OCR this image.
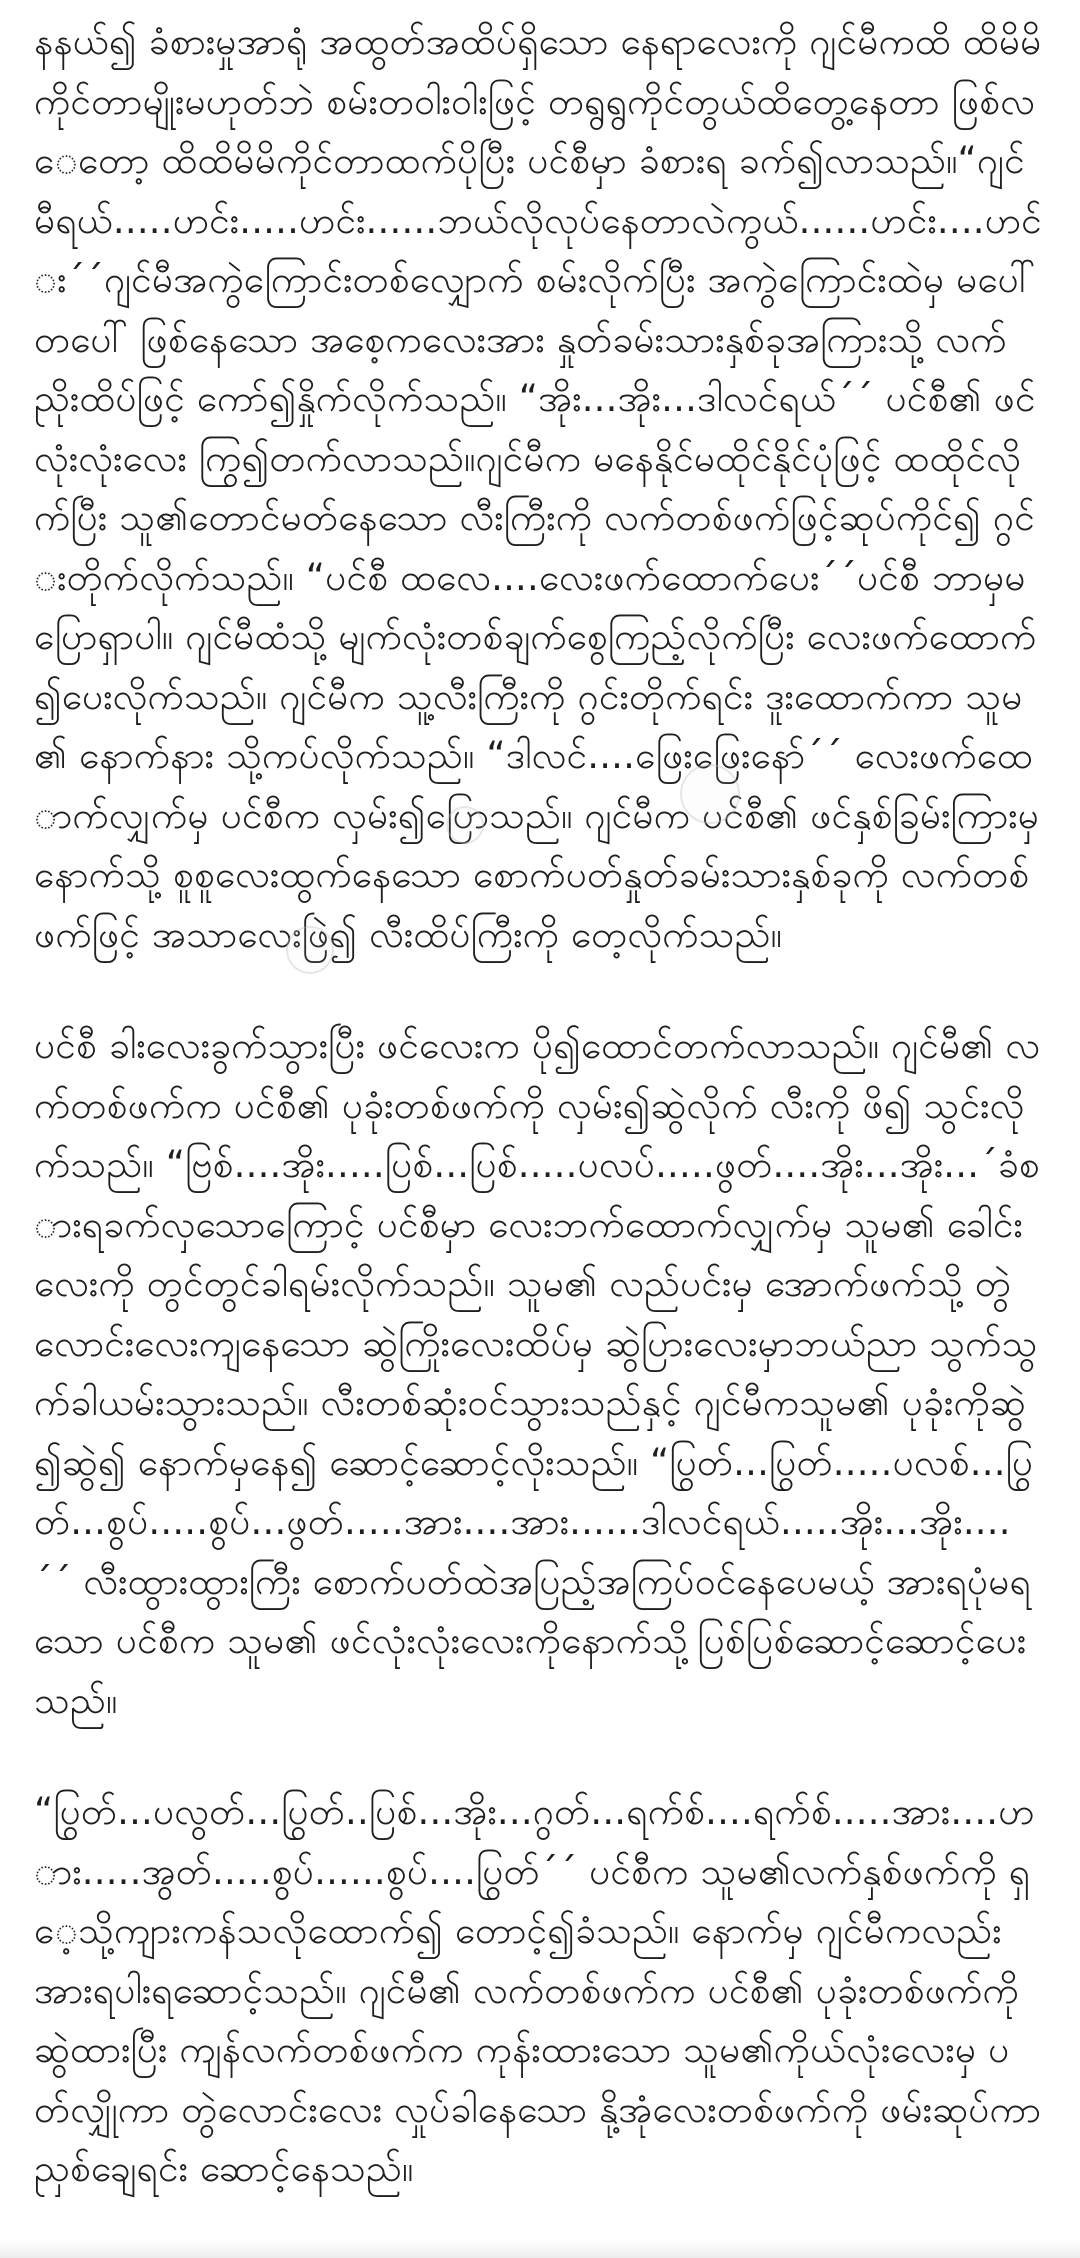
နနယ်၍ ခံစားမှုအာရုံ အထွတ်အထိပ်ရှိသော နေရာလေးကို ဂျင်မီကထိ ထိမိမိကိုင်တာမျိုးမဟုတ်ဘဲ စမ်းတဝါးဝါးဖြင့် တရွရွကိုင်တွယ်ထိတွေ့နေတာ ဖြစ်လေတော့ ထိထိမိမိကိုင်တာထက်ပိုပြီး ပင်စီမှာ ခံစားရ ခက်၍လာသည်။“ဂျင်မီရယ်.....ဟင်း.....ဟင်း......ဘယ်လိုလုပ်နေတာလဲကွယ်......ဟင်း....ဟင်း´´ဂျင်မီအကွဲကြောင်းတစ်လျှောက် စမ်းလိုက်ပြီး အကွဲကြောင်းထဲမှ မပေါ်တပေါ် ဖြစ်နေသော အစေ့ကလေးအား နှုတ်ခမ်းသားနှစ်ခုအကြားသို့ လက်ညိုးထိပ်ဖြင့် ကော်၍နှိုက်လိုက်သည်။ “အိုး...အိုး...ဒါလင်ရယ်´´ ပင်စီ၏ ဖင်လုံးလုံးလေး ကြွ၍တက်လာသည်။ဂျင်မီက မနေနိုင်မထိုင်နိုင်ပုံဖြင့် ထထိုင်လိုက်ပြီး သူ၏တောင်မတ်နေသော လီးကြီးကို လက်တစ်ဖက်ဖြင့်ဆုပ်ကိုင်၍ ဂွင်းတိုက်လိုက်သည်။ “ပင်စီ ထလေ....လေးဖက်ထောက်ပေး´´ပင်စီ ဘာမှမပြောရှာပါ။ ဂျင်မီထံသို့ မျက်လုံးတစ်ချက်စွေကြည့်လိုက်ပြီး လေးဖက်ထောက်၍ပေးလိုက်သည်။ ဂျင်မီက သူ့လီးကြီးကို ဂွင်းတိုက်ရင်း ဒူးထောက်ကာ သူမ၏ နောက်နား သို့ကပ်လိုက်သည်။ “ဒါလင်....ဖြေးဖြေးနော်´´ လေးဖက်ထောက်လျှက်မှ ပင်စီက လှမ်း၍ပြောသည်။ ဂျင်မီက ပင်စီ၏ ဖင်နှစ်ခြမ်းကြားမှ နောက်သို့ စူစူလေးထွက်နေသော စောက်ပတ်နှုတ်ခမ်းသားနှစ်ခုကို လက်တစ်ဖက်ဖြင့် အသာလေးဖြဲ၍ လီးထိပ်ကြီးကို တေ့လိုက်သည်။

ပင်စီ ခါးလေးခွက်သွားပြီး ဖင်လေးက ပို၍ထောင်တက်လာသည်။ ဂျင်မီ၏ လက်တစ်ဖက်က ပင်စီ၏ ပုခုံးတစ်ဖက်ကို လှမ်း၍ဆွဲလိုက် လီးကို ဖိ၍ သွင်းလိုက်သည်။ “ဗြစ်....အိုး.....ပြစ်...ပြစ်.....ပလပ်.....ဖွတ်....အိုး...အိုး...´ခံစားရခက်လှသောကြောင့် ပင်စီမှာ လေးဘက်ထောက်လျှက်မှ သူမ၏ ခေါင်းလေးကို တွင်တွင်ခါရမ်းလိုက်သည်။ သူမ၏ လည်ပင်းမှ အောက်ဖက်သို့ တွဲလောင်းလေးကျနေသော ဆွဲကြိုးလေးထိပ်မှ ဆွဲပြားလေးမှာဘယ်ညာ သွက်သွက်ခါယမ်းသွားသည်။ လီးတစ်ဆုံးဝင်သွားသည်နှင့် ဂျင်မီကသူမ၏ ပုခုံးကိုဆွဲ၍ဆွဲ၍ နောက်မှနေ၍ ဆောင့်ဆောင့်လိုးသည်။ “ပြွတ်...ပြွတ်.....ပလစ်...ပြွတ်...စွပ်.....စွပ်...ဖွတ်.....အား....အား......ဒါလင်ရယ်.....အိုး...အိုး....´´ လီးထွားထွားကြီး စောက်ပတ်ထဲအပြည့်အကြပ်ဝင်နေပေမယ့် အားရပုံမရသော ပင်စီက သူမ၏ ဖင်လုံးလုံးလေးကိုနောက်သို့ပြစ်ပြစ်ဆောင့်ဆောင့်ပေးသည်။

“ပြွတ်...ပလွတ်...ပြွတ်..ပြစ်...အိုး...ဂွတ်...ရက်စ်....ရက်စ်.....အား....ဟား.....အွတ်.....စွပ်......စွပ်....ပြွတ်´´ ပင်စီက သူမ၏လက်နှစ်ဖက်ကို ရှေ့သို့ကျားကန်သလိုထောက်၍ တောင့်၍ခံသည်။ နောက်မှ ဂျင်မီကလည်း အားရပါးရဆောင့်သည်။ ဂျင်မီ၏ လက်တစ်ဖက်က ပင်စီ၏ ပုခုံးတစ်ဖက်ကိုဆွဲထားပြီး ကျန်လက်တစ်ဖက်က ကုန်းထားသော သူမ၏ကိုယ်လုံးလေးမှ ပတ်လျှိုကာ တွဲလောင်းလေး လှုပ်ခါနေသော နို့အုံလေးတစ်ဖက်ကို ဖမ်းဆုပ်ကာ ညှစ်ချေရင်း ဆောင့်နေသည်။
